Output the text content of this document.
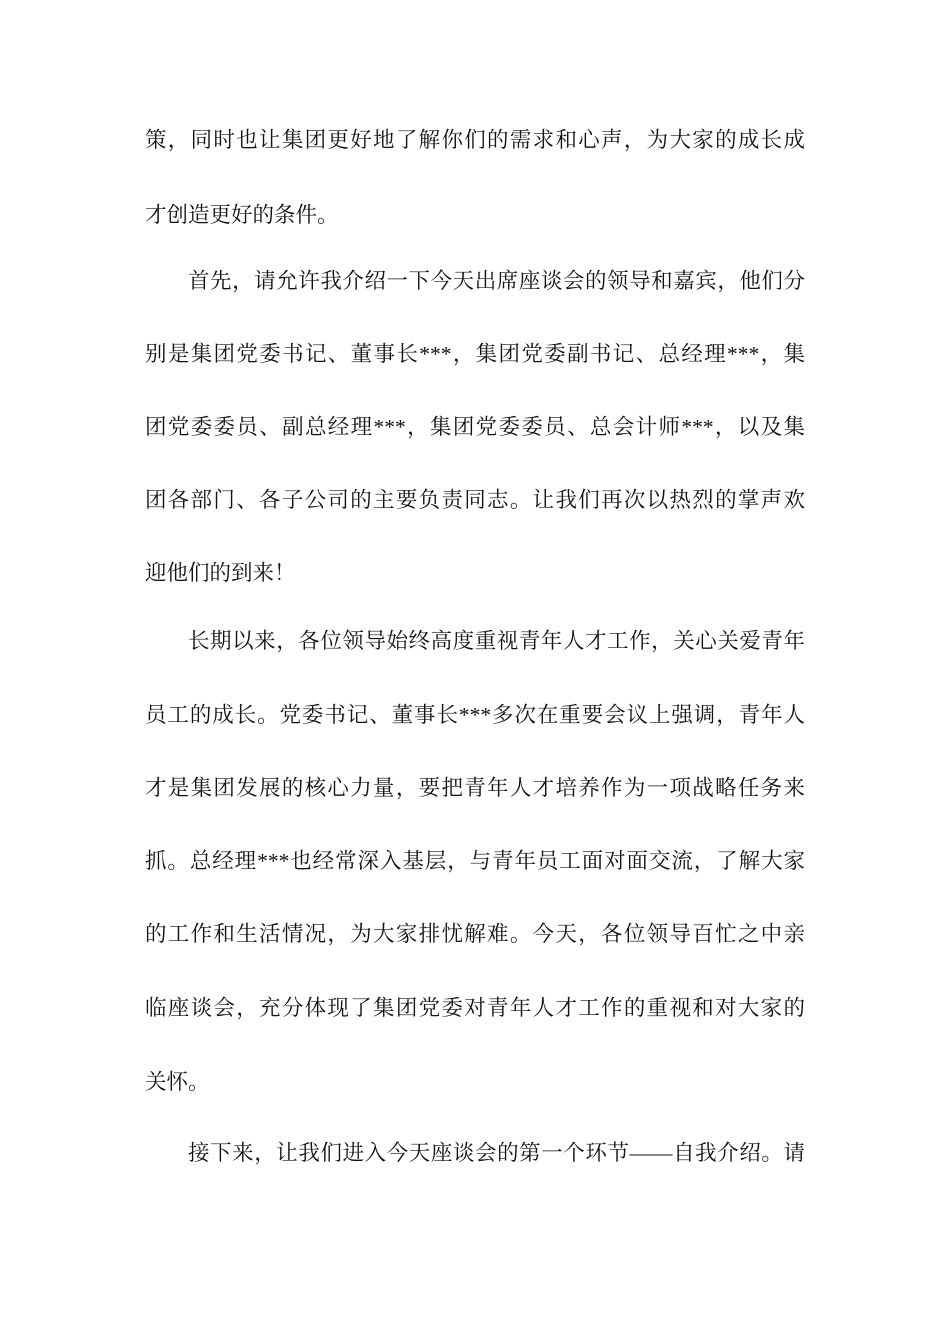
策，同时也让集团更好地了解你们的需求和心声，为大家的成长成
才创造更好的条件。
首先，请允许我介绍一下今天出席座谈会的领导和嘉宾，他们分
别是集团党委书记、董事长***，集团党委副书记、总经理***，集
团党委委员、副总经理***，集团党委委员、总会计师***，以及集
团各部门、各子公司的主要负责同志。让我们再次以热烈的掌声欢
迎他们的到来！
长期以来，各位领导始终高度重视青年人才工作，关心关爱青年
员工的成长。党委书记、董事长***多次在重要会议上强调，青年人
才是集团发展的核心力量，要把青年人才培养作为一项战略任务来
抓。总经理***也经常深入基层，与青年员工面对面交流，了解大家
的工作和生活情况，为大家排忧解难。今天，各位领导百忙之中亲
临座谈会，充分体现了集团党委对青年人才工作的重视和对大家的
关怀。
接下来，让我们进入今天座谈会的第一个环节——自我介绍。请
